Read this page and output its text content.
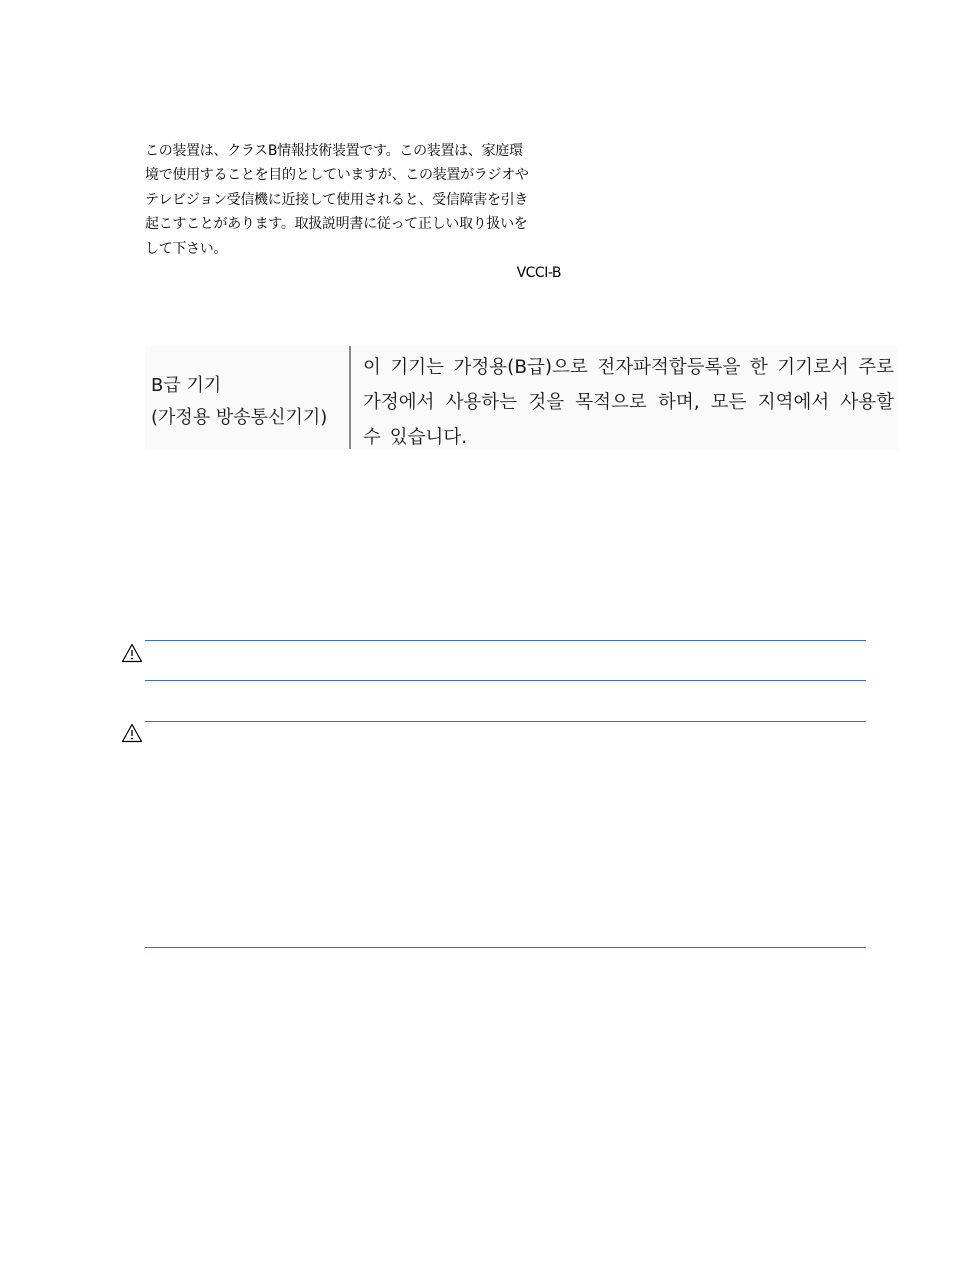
この装置は、クラスB情報技術装置です。この装置は、家庭環
境で使用することを目的としていますが、この装置がラジオや
テレビジョン受信機に近接して使用されると、受信障害を引き
起こすことがあります。取扱説明書に従って正しい取り扱いを
して下さい。

VCCI-B
B급 기기
(가정용 방송통신기기)
이 기기는 가정용(B급)으로 전자파적합등록을 한 기기로서 주로 가정에서 사용하는 것을 목적으로 하며, 모든 지역에서 사용할 수 있습니다.
